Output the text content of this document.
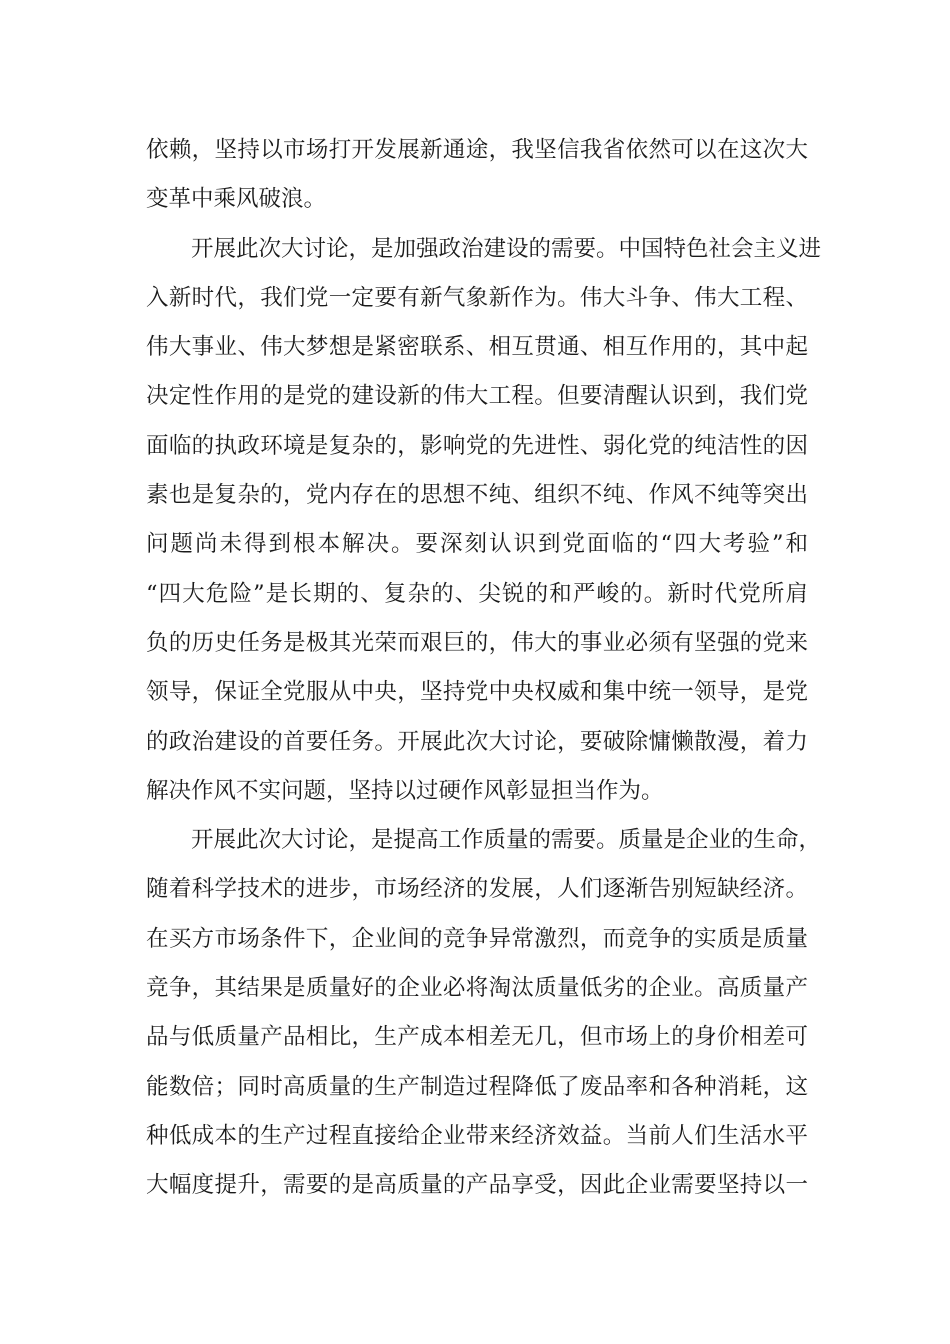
依赖，坚持以市场打开发展新通途，我坚信我省依然可以在这次大
变革中乘风破浪。
开展此次大讨论，是加强政治建设的需要。中国特色社会主义进
入新时代，我们党一定要有新气象新作为。伟大斗争、伟大工程、
伟大事业、伟大梦想是紧密联系、相互贯通、相互作用的，其中起
决定性作用的是党的建设新的伟大工程。但要清醒认识到，我们党
面临的执政环境是复杂的，影响党的先进性、弱化党的纯洁性的因
素也是复杂的，党内存在的思想不纯、组织不纯、作风不纯等突出
问题尚未得到根本解决。要深刻认识到党面临的“四大考验”和
“四大危险”是长期的、复杂的、尖锐的和严峻的。新时代党所肩
负的历史任务是极其光荣而艰巨的，伟大的事业必须有坚强的党来
领导，保证全党服从中央，坚持党中央权威和集中统一领导，是党
的政治建设的首要任务。开展此次大讨论，要破除慵懒散漫，着力
解决作风不实问题，坚持以过硬作风彰显担当作为。
开展此次大讨论，是提高工作质量的需要。质量是企业的生命，
随着科学技术的进步，市场经济的发展，人们逐渐告别短缺经济。
在买方市场条件下，企业间的竞争异常激烈，而竞争的实质是质量
竞争，其结果是质量好的企业必将淘汰质量低劣的企业。高质量产
品与低质量产品相比，生产成本相差无几，但市场上的身价相差可
能数倍；同时高质量的生产制造过程降低了废品率和各种消耗，这
种低成本的生产过程直接给企业带来经济效益。当前人们生活水平
大幅度提升，需要的是高质量的产品享受，因此企业需要坚持以一
